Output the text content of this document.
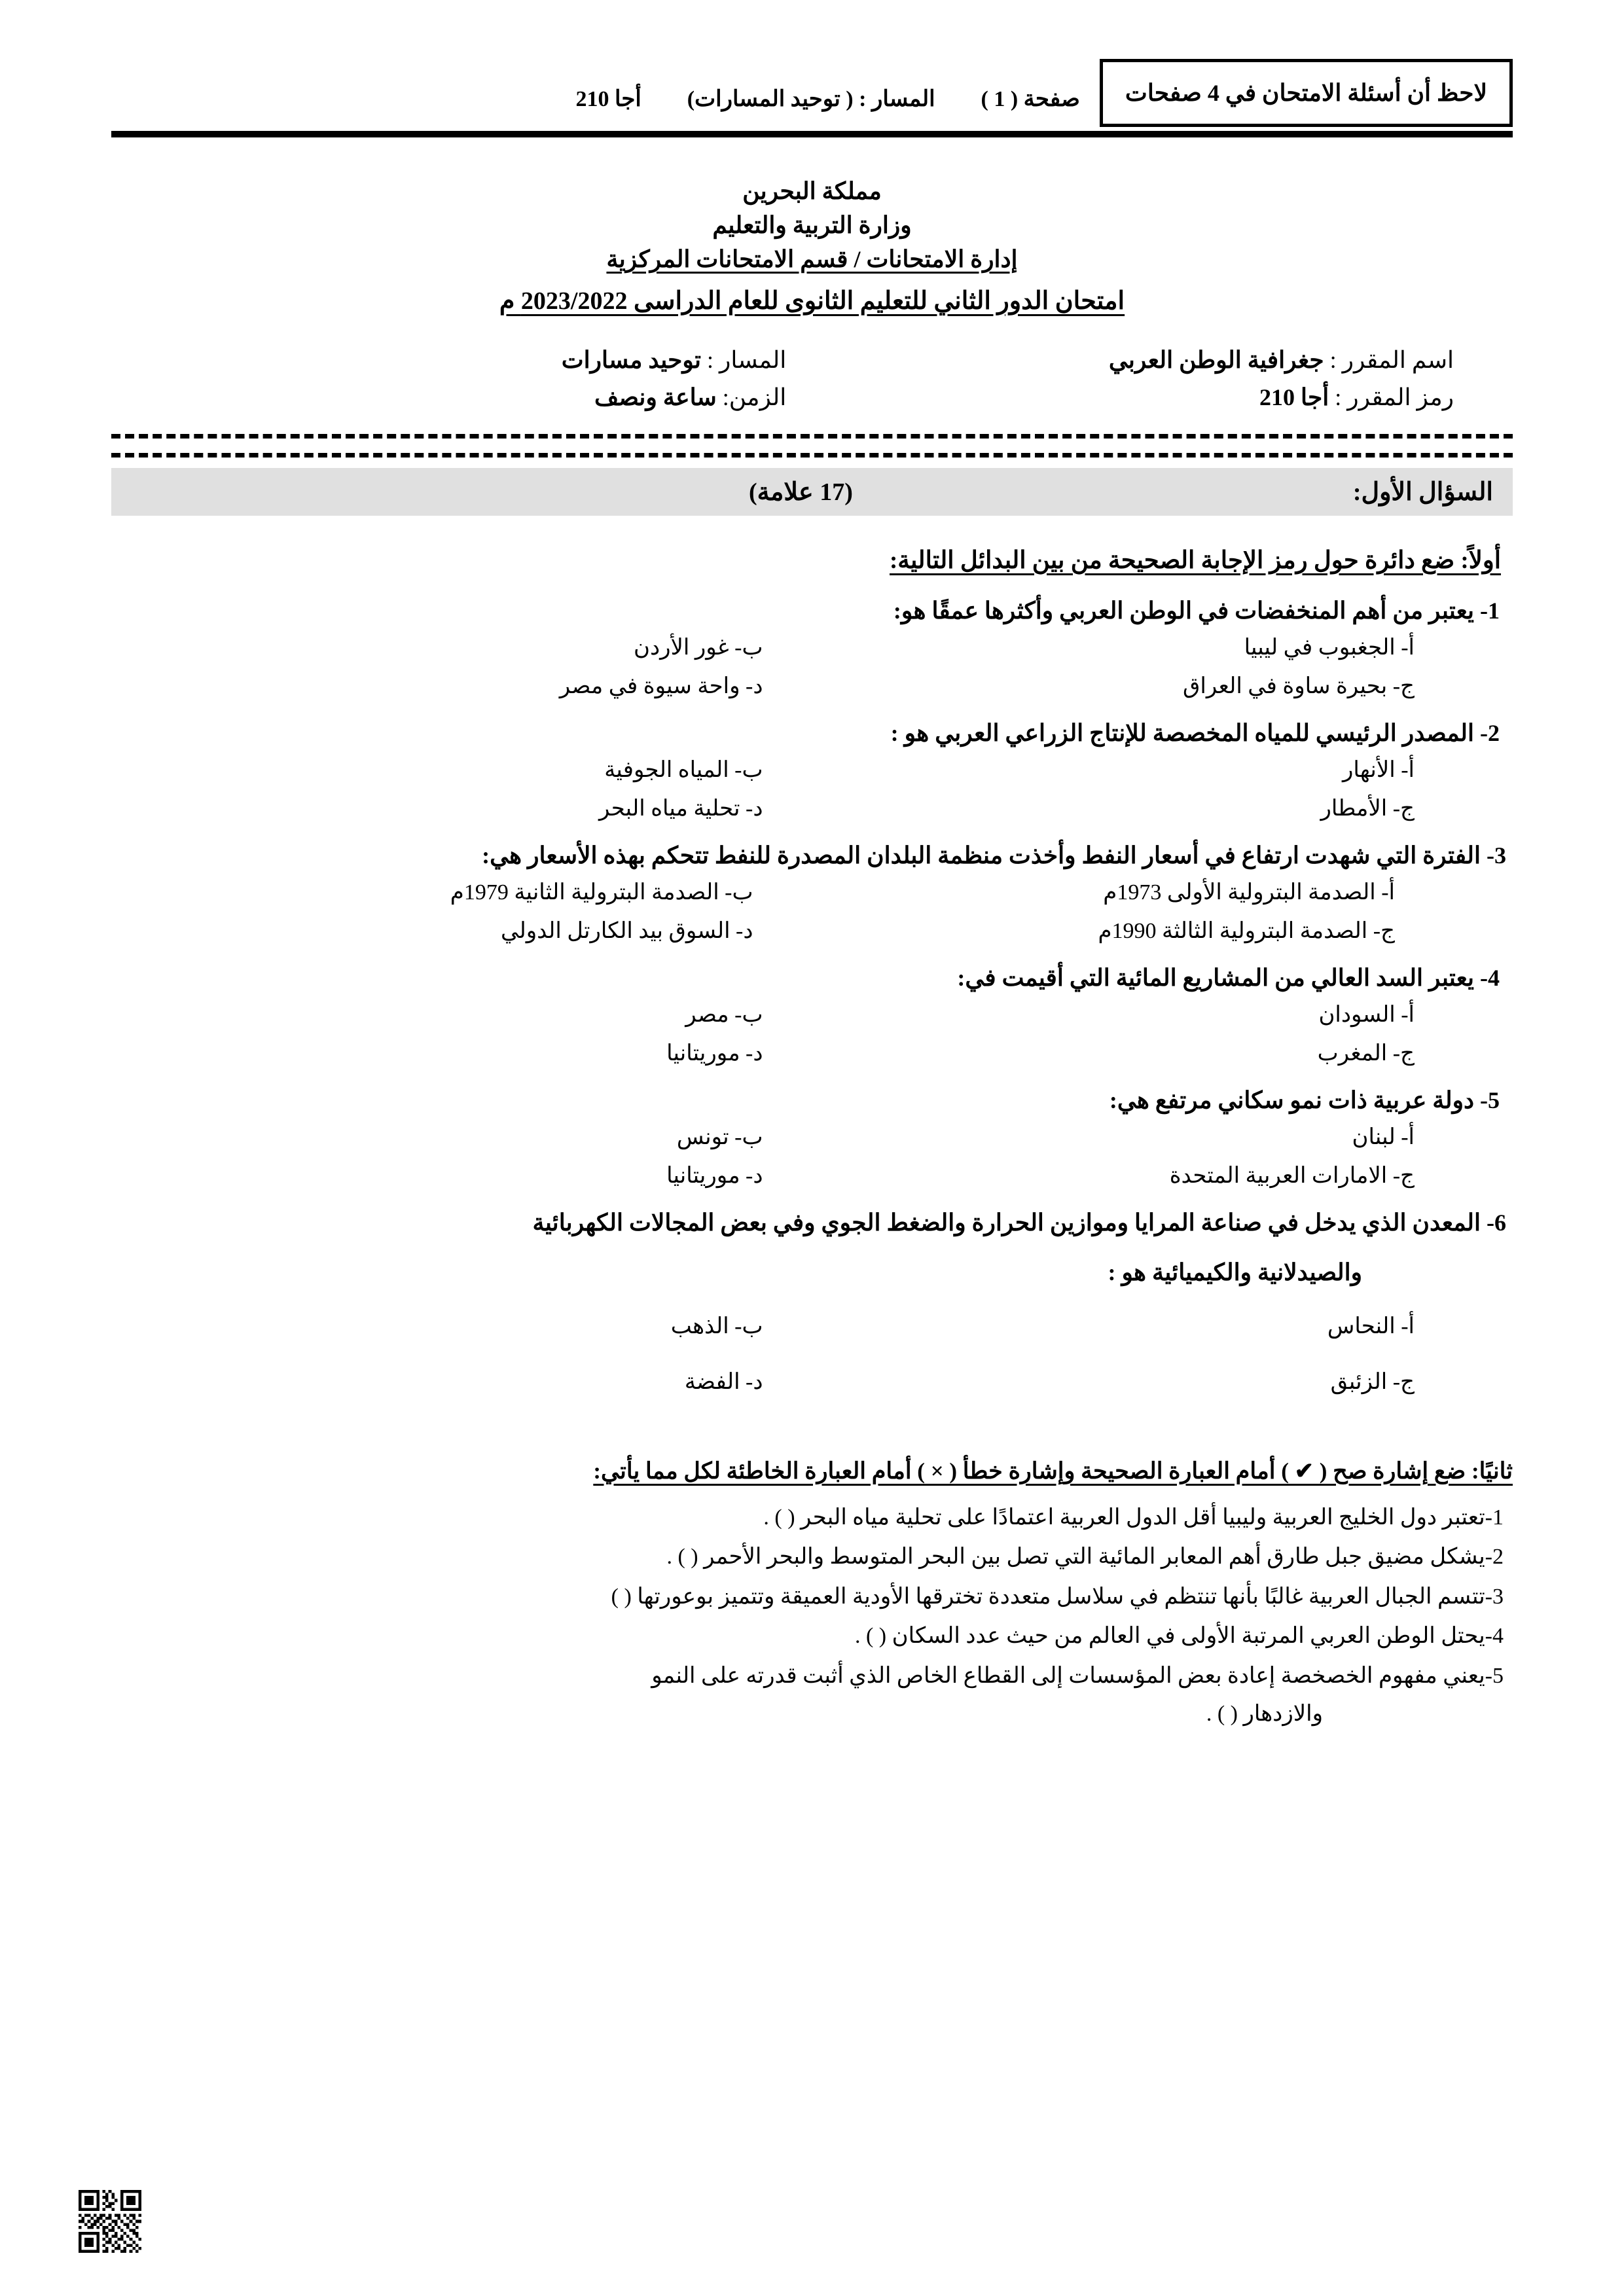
لاحظ أن أسئلة الامتحان في 4 صفحات
صفحة ( 1 )
المسار : ( توحيد المسارات)
أجا 210
مملكة البحرين
وزارة التربية والتعليم
إدارة الامتحانات / قسم الامتحانات المركزية
امتحان الدور الثاني للتعليم الثانوى للعام الدراسى 2023/2022 م
اسم المقرر : جغرافية الوطن العربي
المسار : توحيد مسارات
رمز المقرر : أجا 210
الزمن: ساعة ونصف
السؤال الأول:
(17 علامة)
أولاً: ضع دائرة حول رمز الإجابة الصحيحة من بين البدائل التالية:
1- يعتبر من أهم المنخفضات في الوطن العربي وأكثرها عمقًا هو:
أ- الجغبوب في ليبيا
ب- غور الأردن
ج- بحيرة ساوة في العراق
د- واحة سيوة في مصر
2- المصدر الرئيسي للمياه المخصصة للإنتاج الزراعي العربي هو :
أ- الأنهار
ب- المياه الجوفية
ج- الأمطار
د- تحلية مياه البحر
3- الفترة التي شهدت ارتفاع في أسعار النفط وأخذت منظمة البلدان المصدرة للنفط تتحكم بهذه الأسعار هي:
أ- الصدمة البترولية الأولى 1973م
ب- الصدمة البترولية الثانية 1979م
ج- الصدمة البترولية الثالثة 1990م
د- السوق بيد الكارتل الدولي
4- يعتبر السد العالي من المشاريع المائية التي أقيمت في:
أ- السودان
ب- مصر
ج- المغرب
د- موريتانيا
5- دولة عربية ذات نمو سكاني مرتفع هي:
أ- لبنان
ب- تونس
ج- الامارات العربية المتحدة
د- موريتانيا
6- المعدن الذي يدخل في صناعة المرايا وموازين الحرارة والضغط الجوي وفي بعض المجالات الكهربائية
والصيدلانية والكيميائية هو :
أ- النحاس
ب- الذهب
ج- الزئبق
د- الفضة
ثانيًا: ضع إشارة صح ( ✔ ) أمام العبارة الصحيحة وإشارة خطأ ( × ) أمام العبارة الخاطئة لكل مما يأتي:
1-تعتبر دول الخليج العربية وليبيا أقل الدول العربية اعتمادًا على تحلية مياه البحر ( ) .
2-يشكل مضيق جبل طارق أهم المعابر المائية التي تصل بين البحر المتوسط والبحر الأحمر ( ) .
3-تتسم الجبال العربية غالبًا بأنها تنتظم في سلاسل متعددة تخترقها الأودية العميقة وتتميز بوعورتها ( )
4-يحتل الوطن العربي المرتبة الأولى في العالم من حيث عدد السكان ( ) .
5-يعني مفهوم الخصخصة إعادة بعض المؤسسات إلى القطاع الخاص الذي أثبت قدرته على النمو
والازدهار ( ) .
